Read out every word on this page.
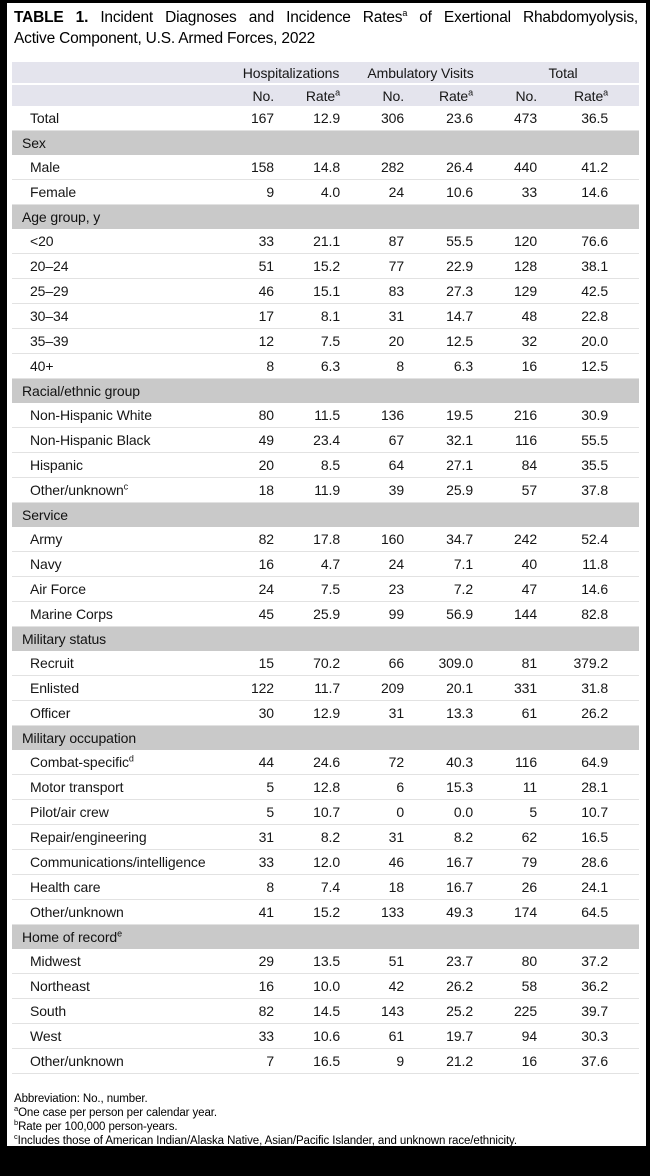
TABLE 1. Incident Diagnoses and Incidence Rates$^a$ of Exertional Rhabdomyolysis,
Active Component, U.S. Armed Forces, 2022
	Hospitalizations		Ambulatory Visits		Total	
	No.	Rate$^a$	No.	Rate$^a$	No.	Rate$^a$
Total	167	12.9	306	23.6	473	36.5
Sex						
Male	158	14.8	282	26.4	440	41.2
Female	9	4.0	24	10.6	33	14.6
Age group, y						
<20	33	21.1	87	55.5	120	76.6
20–24	51	15.2	77	22.9	128	38.1
25–29	46	15.1	83	27.3	129	42.5
30–34	17	8.1	31	14.7	48	22.8
35–39	12	7.5	20	12.5	32	20.0
40+	8	6.3	8	6.3	16	12.5
Racial/ethnic group						
Non-Hispanic White	80	11.5	136	19.5	216	30.9
Non-Hispanic Black	49	23.4	67	32.1	116	55.5
Hispanic	20	8.5	64	27.1	84	35.5
Other/unknown$^c$	18	11.9	39	25.9	57	37.8
Service						
Army	82	17.8	160	34.7	242	52.4
Navy	16	4.7	24	7.1	40	11.8
Air Force	24	7.5	23	7.2	47	14.6
Marine Corps	45	25.9	99	56.9	144	82.8
Military status						
Recruit	15	70.2	66	309.0	81	379.2
Enlisted	122	11.7	209	20.1	331	31.8
Officer	30	12.9	31	13.3	61	26.2
Military occupation						
Combat-specific$^d$	44	24.6	72	40.3	116	64.9
Motor transport	5	12.8	6	15.3	11	28.1
Pilot/air crew	5	10.7	0	0.0	5	10.7
Repair/engineering	31	8.2	31	8.2	62	16.5
Communications/intelligence	33	12.0	46	16.7	79	28.6
Health care	8	7.4	18	16.7	26	24.1
Other/unknown	41	15.2	133	49.3	174	64.5
Home of record$^e$
Midwest	29	13.5	51	23.7	80	37.2
Northeast	16	10.0	42	26.2	58	36.2
South	82	14.5	143	25.2	225	39.7
West	33	10.6	61	19.7	94	30.3
Other/unknown	7	16.5	9	21.2	16	37.6
Abbreviation: No., number.
$^a$One case per person per calendar year.
$^b$Rate per 100,000 person-years.
$^c$Includes those of American Indian/Alaska Native, Asian/Pacific Islander, and unknown race/ethnicity.
$^d$Infantry/artillery/combat engineering/armor.
$^e$As self-reported at time of entry into service.
